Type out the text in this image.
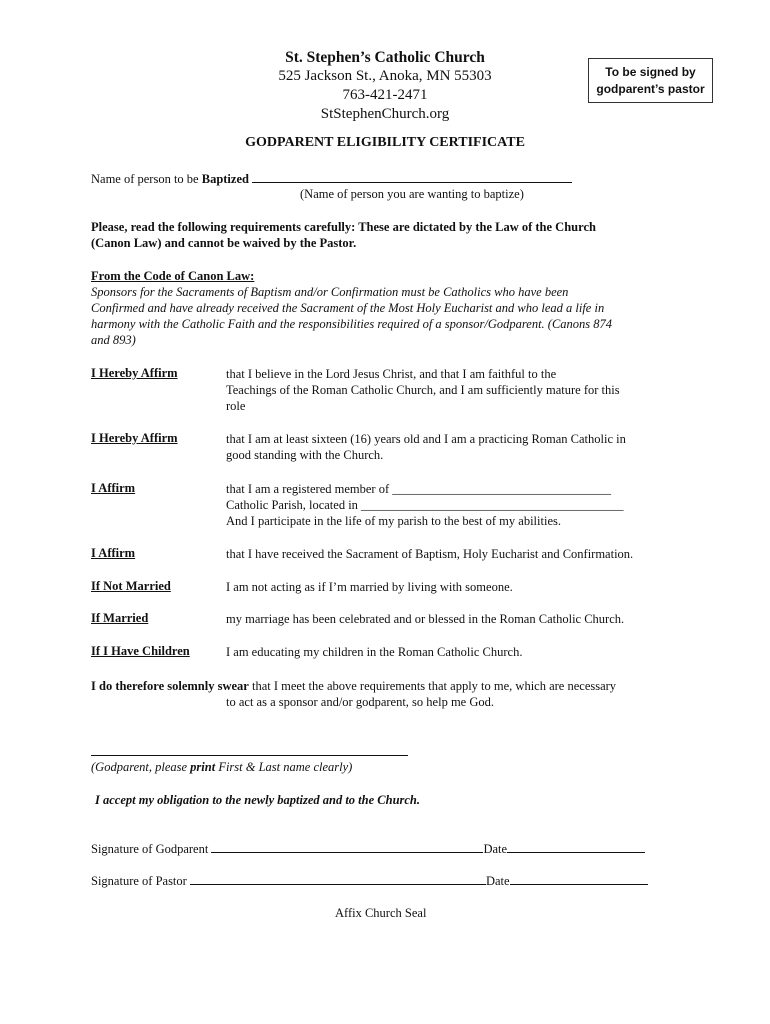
St. Stephen’s Catholic Church
525 Jackson St., Anoka, MN 55303
763-421-2471
StStephenChurch.org
To be signed by
godparent’s pastor
GODPARENT ELIGIBILITY CERTIFICATE
Name of person to be Baptized
(Name of person you are wanting to baptize)
Please, read the following requirements carefully: These are dictated by the Law of the Church
(Canon Law) and cannot be waived by the Pastor.
From the Code of Canon Law:
Sponsors for the Sacraments of Baptism and/or Confirmation must be Catholics who have been
Confirmed and have already received the Sacrament of the Most Holy Eucharist and who lead a life in
harmony with the Catholic Faith and the responsibilities required of a sponsor/Godparent. (Canons 874
and 893)
I Hereby Affirm	that I believe in the Lord Jesus Christ, and that I am faithful to the
Teachings of the Roman Catholic Church, and I am sufficiently mature for this
role
I Hereby Affirm	that I am at least sixteen (16) years old and I am a practicing Roman Catholic in
good standing with the Church.
I Affirm	that I am a registered member of ___________________________________
Catholic Parish, located in __________________________________________
And I participate in the life of my parish to the best of my abilities.
I Affirm	that I have received the Sacrament of Baptism, Holy Eucharist and Confirmation.
If Not Married	I am not acting as if I’m married by living with someone.
If Married	my marriage has been celebrated and or blessed in the Roman Catholic Church.
If I Have Children	I am educating my children in the Roman Catholic Church.
I do therefore solemnly swear that I meet the above requirements that apply to me, which are necessary
to act as a sponsor and/or godparent, so help me God.
(Godparent, please print First & Last name clearly)
I accept my obligation to the newly baptized and to the Church.
Signature of Godparent	Date
Signature of Pastor	Date
Affix Church Seal
